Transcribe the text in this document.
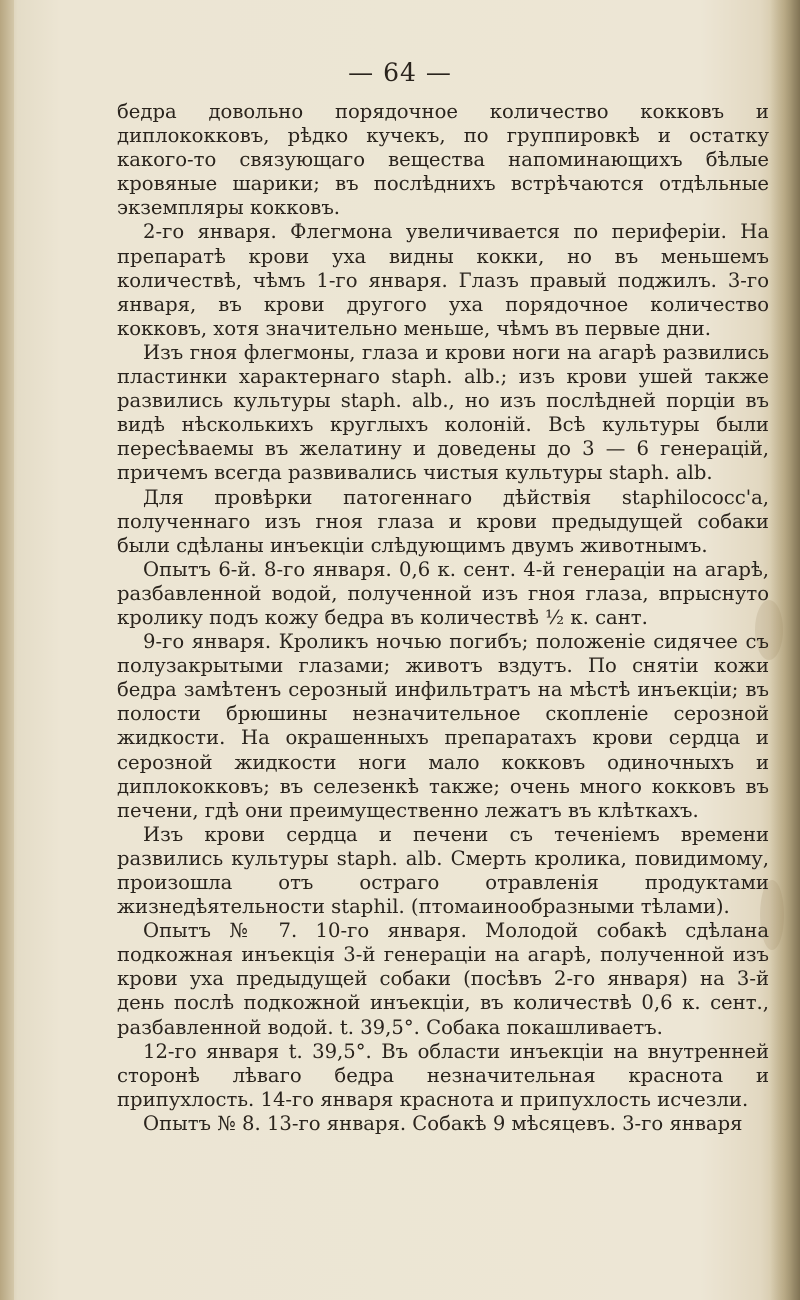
— 64 —

бедра довольно порядочное количество кокковъ и диплококковъ, рѣдко кучекъ, по группировкѣ и остатку какого-то связующаго вещества напоминающихъ бѣлые кровяные шарики; въ послѣднихъ встрѣчаются отдѣльные экземпляры кокковъ.

2-го января. Флегмона увеличивается по периферіи. На препаратѣ крови уха видны кокки, но въ меньшемъ количествѣ, чѣмъ 1-го января. Глазъ правый поджилъ. 3-го января, въ крови другого уха порядочное количество кокковъ, хотя значительно меньше, чѣмъ въ первые дни.

Изъ гноя флегмоны, глаза и крови ноги на агарѣ развились пластинки характернаго staph. alb.; изъ крови ушей также развились культуры staph. alb., но изъ послѣдней порціи въ видѣ нѣсколькихъ круглыхъ колоній. Всѣ культуры были пересѣваемы въ желатину и доведены до 3 — 6 генерацій, причемъ всегда развивались чистыя культуры staph. alb.

Для провѣрки патогеннаго дѣйствія staphilococc'a, полученнаго изъ гноя глаза и крови предыдущей собаки были сдѣланы инъекціи слѣдующимъ двумъ животнымъ.

Опытъ 6-й. 8-го января. 0,6 к. сент. 4-й генераціи на агарѣ, разбавленной водой, полученной изъ гноя глаза, впрыснуто кролику подъ кожу бедра въ количествѣ ½ к. сант.

9-го января. Кроликъ ночью погибъ; положеніе сидячее съ полузакрытыми глазами; животъ вздутъ. По снятіи кожи бедра замѣтенъ серозный инфильтратъ на мѣстѣ инъекціи; въ полости брюшины незначительное скопленіе серозной жидкости. На окрашенныхъ препаратахъ крови сердца и серозной жидкости ноги мало кокковъ одиночныхъ и диплококковъ; въ селезенкѣ также; очень много кокковъ въ печени, гдѣ они преимущественно лежатъ въ клѣткахъ.

Изъ крови сердца и печени съ теченіемъ времени развились культуры staph. alb. Смерть кролика, повидимому, произошла отъ остраго отравленія продуктами жизнедѣятельности staphil. (птомаинообразными тѣлами).

Опытъ № 7. 10-го января. Молодой собакѣ сдѣлана подкожная инъекція 3-й генераціи на агарѣ, полученной изъ крови уха предыдущей собаки (посѣвъ 2-го января) на 3-й день послѣ подкожной инъекціи, въ количествѣ 0,6 к. сент., разбавленной водой. t. 39,5°. Собака покашливаетъ.

12-го января t. 39,5°. Въ области инъекціи на внутренней сторонѣ лѣваго бедра незначительная краснота и припухлость. 14-го января краснота и припухлость исчезли.

Опытъ № 8. 13-го января. Собакѣ 9 мѣсяцевъ. 3-го января
